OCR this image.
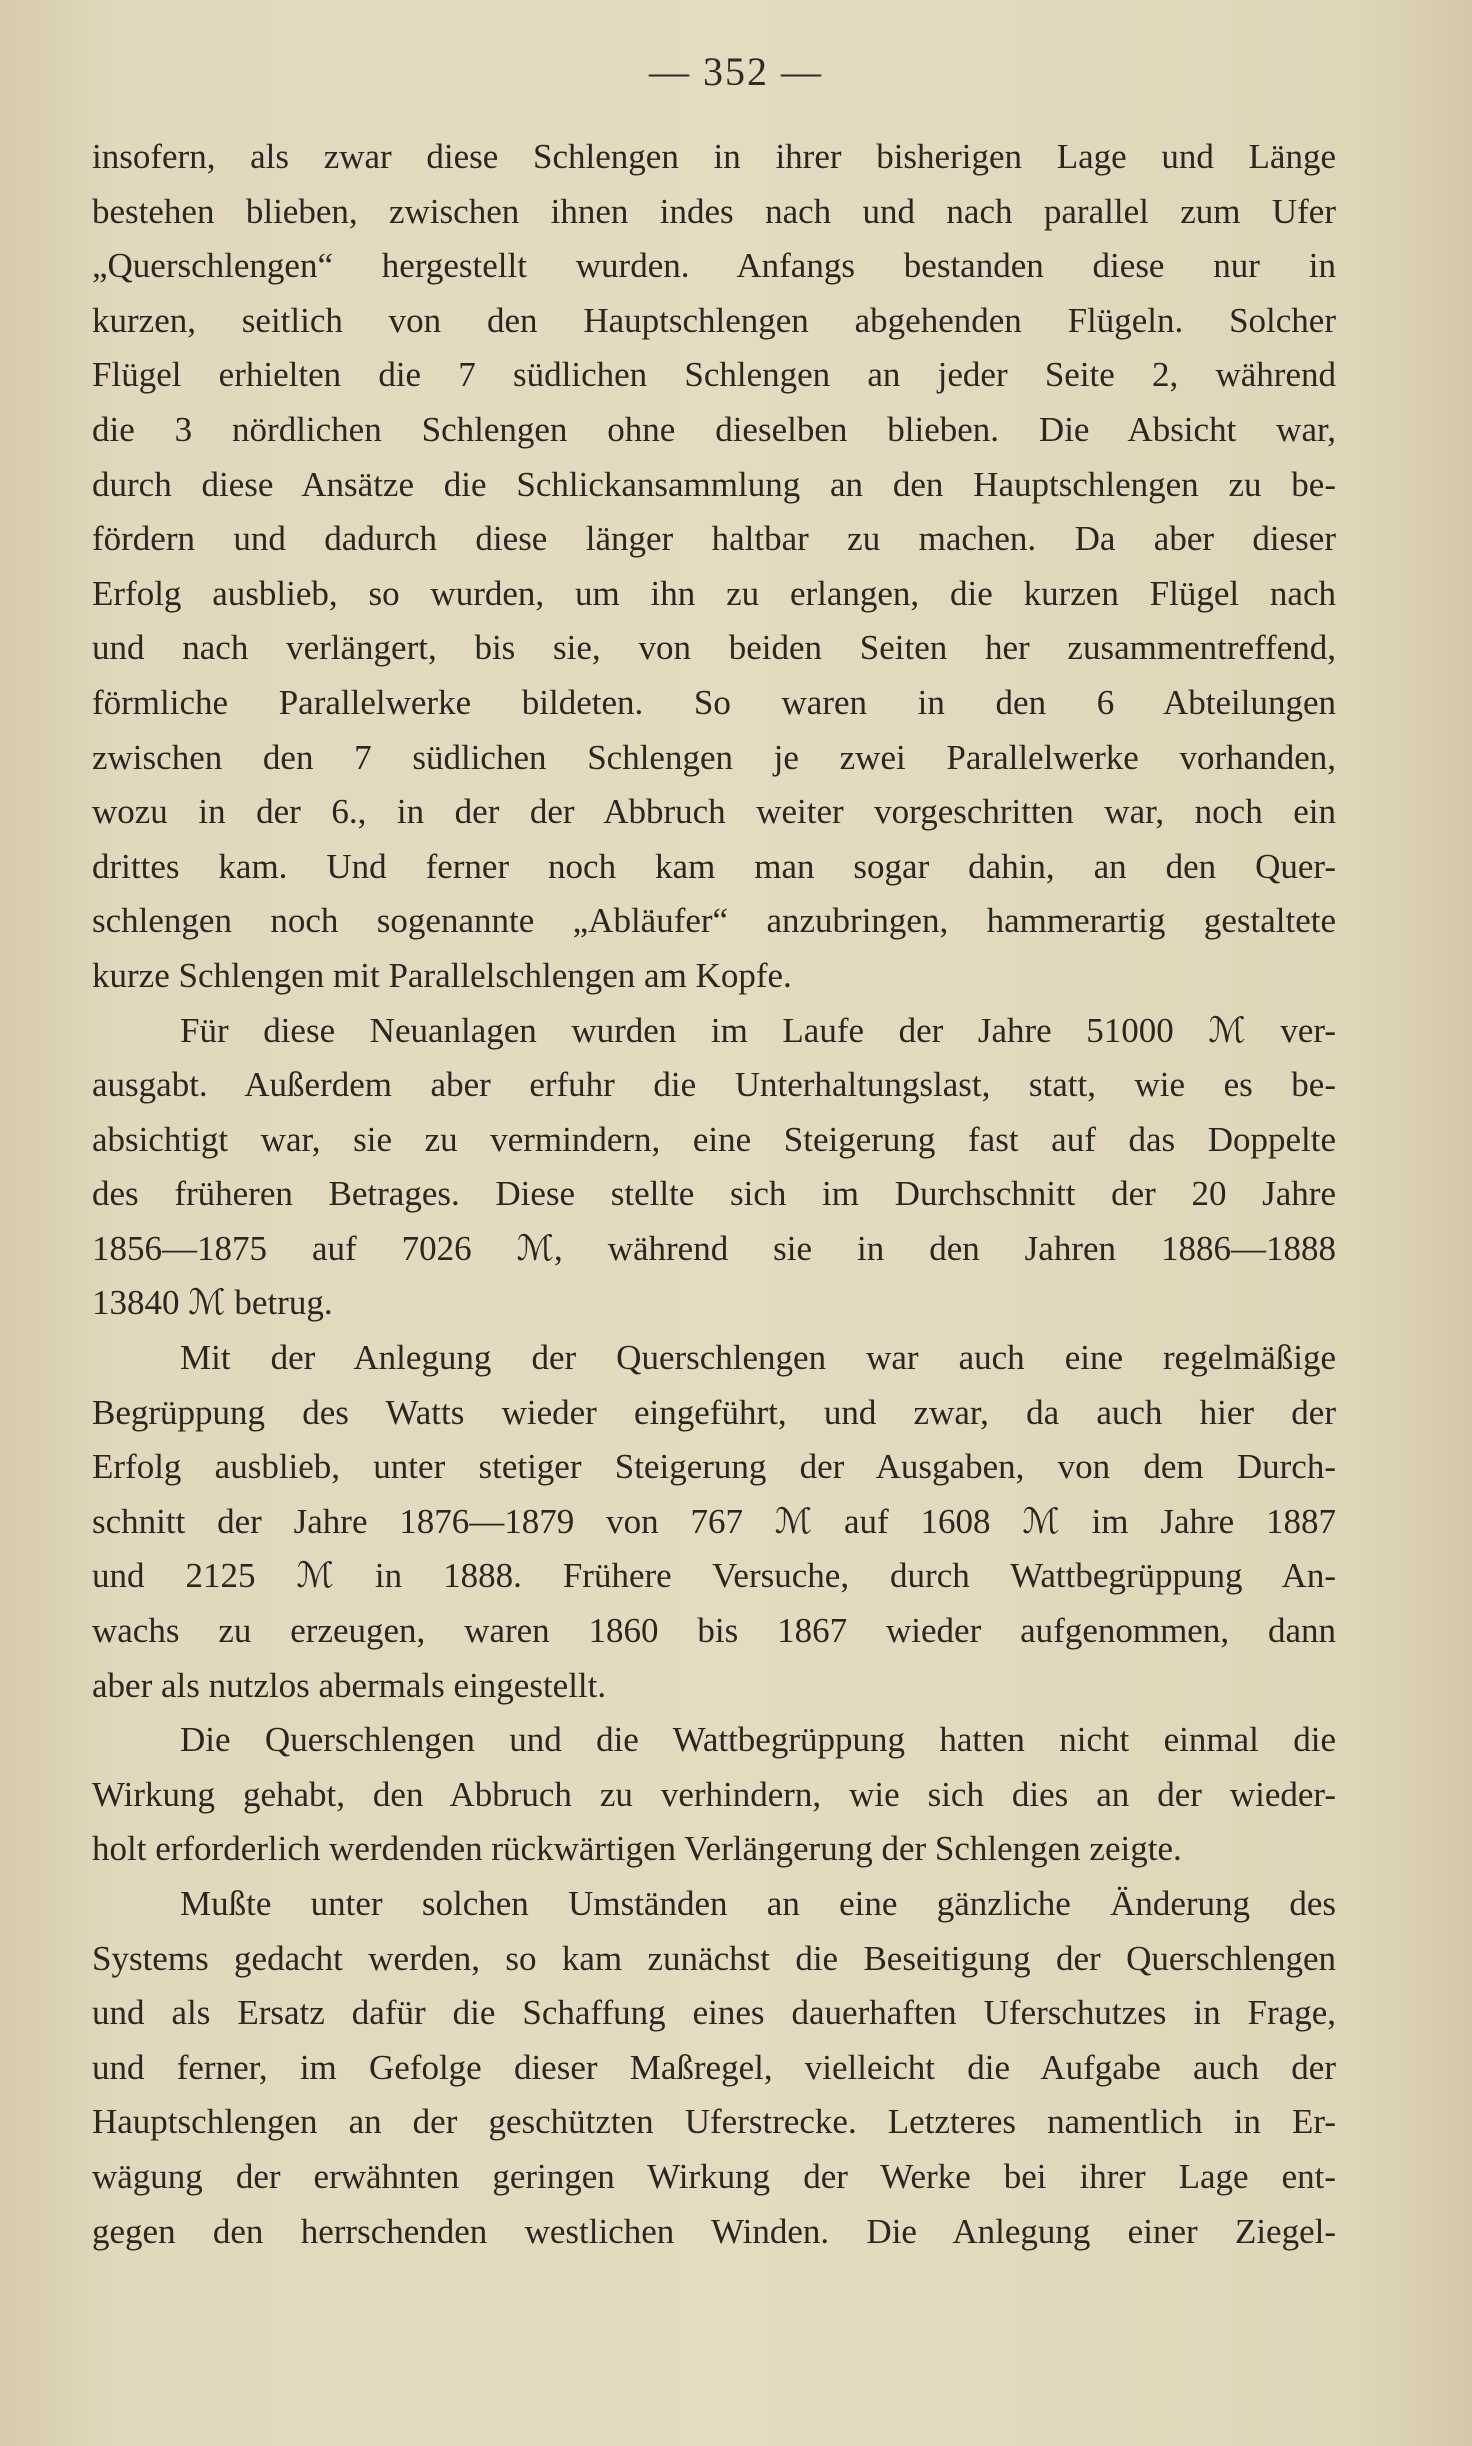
— 352 —
insofern, als zwar diese Schlengen in ihrer bisherigen Lage und Länge
bestehen blieben, zwischen ihnen indes nach und nach parallel zum Ufer
„Querschlengen“ hergestellt wurden. Anfangs bestanden diese nur in
kurzen, seitlich von den Hauptschlengen abgehenden Flügeln. Solcher
Flügel erhielten die 7 südlichen Schlengen an jeder Seite 2, während
die 3 nördlichen Schlengen ohne dieselben blieben. Die Absicht war,
durch diese Ansätze die Schlickansammlung an den Hauptschlengen zu be-
fördern und dadurch diese länger haltbar zu machen. Da aber dieser
Erfolg ausblieb, so wurden, um ihn zu erlangen, die kurzen Flügel nach
und nach verlängert, bis sie, von beiden Seiten her zusammentreffend,
förmliche Parallelwerke bildeten. So waren in den 6 Abteilungen
zwischen den 7 südlichen Schlengen je zwei Parallelwerke vorhanden,
wozu in der 6., in der der Abbruch weiter vorgeschritten war, noch ein
drittes kam. Und ferner noch kam man sogar dahin, an den Quer-
schlengen noch sogenannte „Abläufer“ anzubringen, hammerartig gestaltete
kurze Schlengen mit Parallelschlengen am Kopfe.
Für diese Neuanlagen wurden im Laufe der Jahre 51000 ℳ ver-
ausgabt. Außerdem aber erfuhr die Unterhaltungslast, statt, wie es be-
absichtigt war, sie zu vermindern, eine Steigerung fast auf das Doppelte
des früheren Betrages. Diese stellte sich im Durchschnitt der 20 Jahre
1856—1875 auf 7026 ℳ, während sie in den Jahren 1886—1888
13840 ℳ betrug.
Mit der Anlegung der Querschlengen war auch eine regelmäßige
Begrüppung des Watts wieder eingeführt, und zwar, da auch hier der
Erfolg ausblieb, unter stetiger Steigerung der Ausgaben, von dem Durch-
schnitt der Jahre 1876—1879 von 767 ℳ auf 1608 ℳ im Jahre 1887
und 2125 ℳ in 1888. Frühere Versuche, durch Wattbegrüppung An-
wachs zu erzeugen, waren 1860 bis 1867 wieder aufgenommen, dann
aber als nutzlos abermals eingestellt.
Die Querschlengen und die Wattbegrüppung hatten nicht einmal die
Wirkung gehabt, den Abbruch zu verhindern, wie sich dies an der wieder-
holt erforderlich werdenden rückwärtigen Verlängerung der Schlengen zeigte.
Mußte unter solchen Umständen an eine gänzliche Änderung des
Systems gedacht werden, so kam zunächst die Beseitigung der Querschlengen
und als Ersatz dafür die Schaffung eines dauerhaften Uferschutzes in Frage,
und ferner, im Gefolge dieser Maßregel, vielleicht die Aufgabe auch der
Hauptschlengen an der geschützten Uferstrecke. Letzteres namentlich in Er-
wägung der erwähnten geringen Wirkung der Werke bei ihrer Lage ent-
gegen den herrschenden westlichen Winden. Die Anlegung einer Ziegel-
